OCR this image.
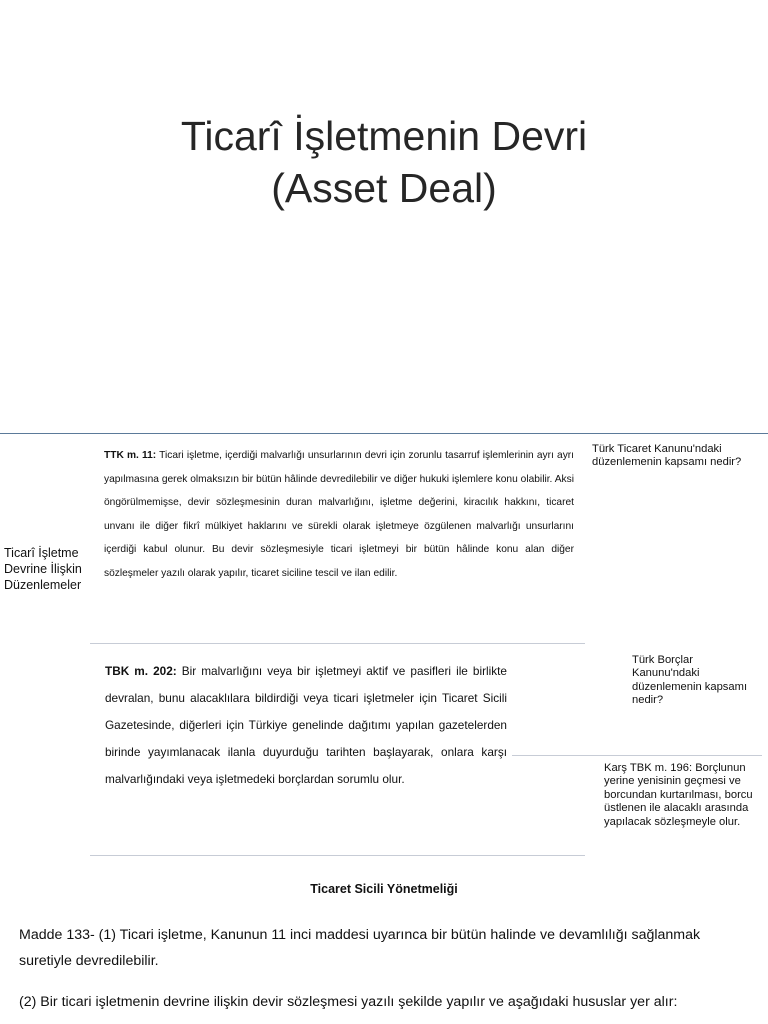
Ticarî İşletmenin Devri
(Asset Deal)
Ticarî İşletme Devrine İlişkin Düzenlemeler
TTK m. 11: Ticari işletme, içerdiği malvarlığı unsurlarının devri için zorunlu tasarruf işlemlerinin ayrı ayrı yapılmasına gerek olmaksızın bir bütün hâlinde devredilebilir ve diğer hukuki işlemlere konu olabilir. Aksi öngörülmemişse, devir sözleşmesinin duran malvarlığını, işletme değerini, kiracılık hakkını, ticaret unvanı ile diğer fikrî mülkiyet haklarını ve sürekli olarak işletmeye özgülenen malvarlığı unsurlarını içerdiği kabul olunur. Bu devir sözleşmesiyle ticari işletmeyi bir bütün hâlinde konu alan diğer sözleşmeler yazılı olarak yapılır, ticaret siciline tescil ve ilan edilir.
Türk Ticaret Kanunu'ndaki düzenlemenin kapsamı nedir?
TBK m. 202: Bir malvarlığını veya bir işletmeyi aktif ve pasifleri ile birlikte devralan, bunu alacaklılara bildirdiği veya ticari işletmeler için Ticaret Sicili Gazetesinde, diğerleri için Türkiye genelinde dağıtımı yapılan gazetelerden birinde yayımlanacak ilanla duyurduğu tarihten başlayarak, onlara karşı malvarlığındaki veya işletmedeki borçlardan sorumlu olur.
Türk Borçlar Kanunu'ndaki düzenlemenin kapsamı nedir?
Karş TBK m. 196: Borçlunun yerine yenisinin geçmesi ve borcundan kurtarılması, borcu üstlenen ile alacaklı arasında yapılacak sözleşmeyle olur.
Ticaret Sicili Yönetmeliği
Madde 133- (1) Ticari işletme, Kanunun 11 inci maddesi uyarınca bir bütün halinde ve devamlılığı sağlanmak suretiyle devredilebilir.
(2) Bir ticari işletmenin devrine ilişkin devir sözleşmesi yazılı şekilde yapılır ve aşağıdaki hususlar yer alır:
